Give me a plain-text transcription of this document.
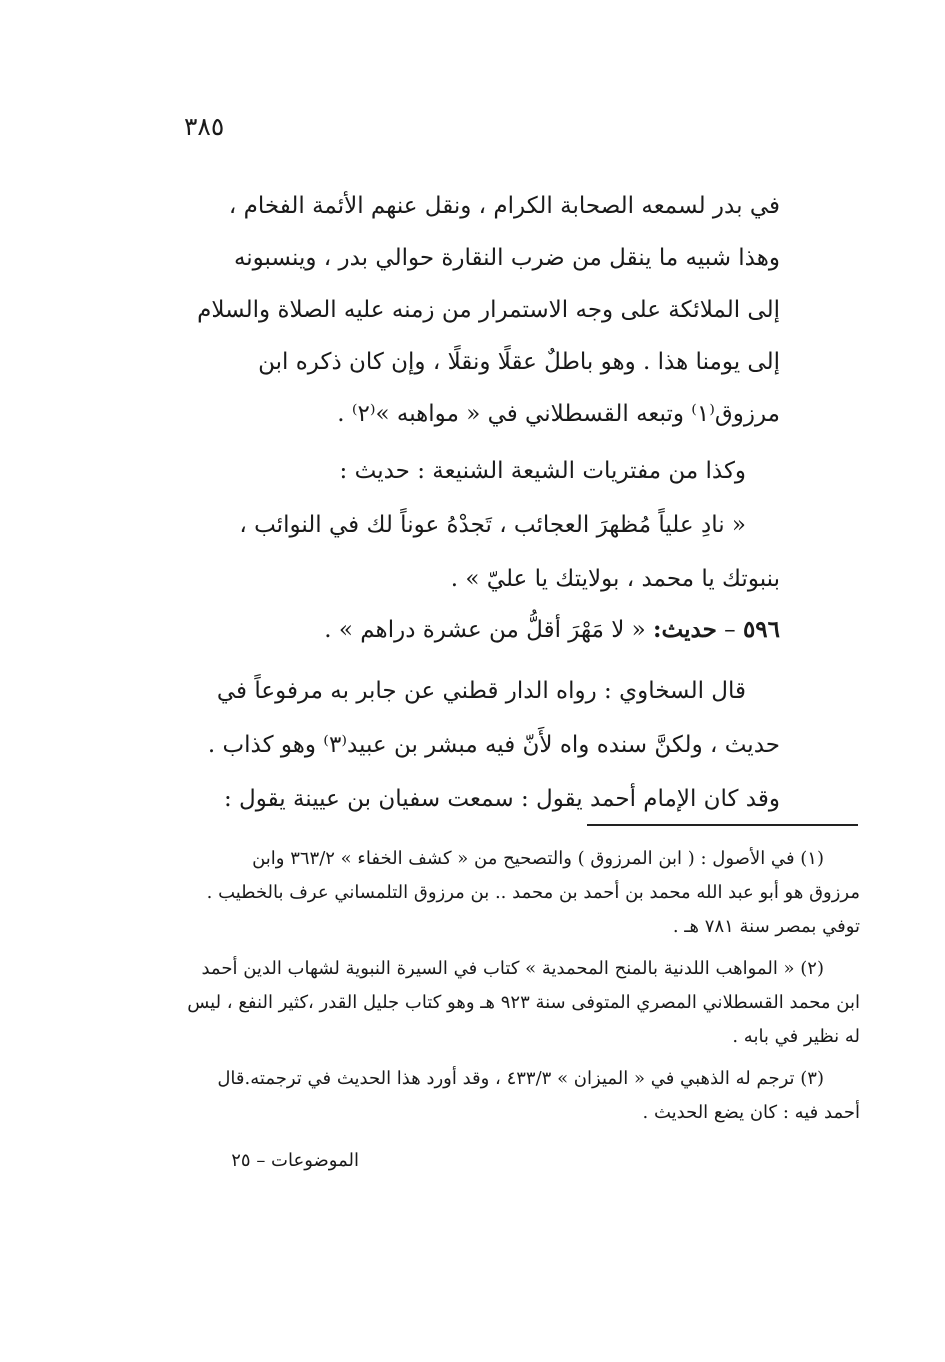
٣٨٥
في بدر لسمعه الصحابة الكرام ، ونقل عنهم الأئمة الفخام ،
وهذا شبيه ما ينقل من ضرب النقارة حوالي بدر ، وينسبونه
إلى الملائكة على وجه الاستمرار من زمنه عليه الصلاة والسلام
إلى يومنا هذا . وهو باطلٌ عقلًا ونقلًا ، وإن كان ذكره ابن
مرزوق⁽١⁾ وتبعه القسطلاني في « مواهبه »⁽٢⁾ .
وكذا من مفتريات الشيعة الشنيعة : حديث :
« نادِ علياً مُظهرَ العجائب ، تَجدْهُ عوناً لك في النوائب ،
بنبوتك يا محمد ، بولايتك يا عليّ » .
٥٩٦ – حديث: « لا مَهْرَ أقلُّ من عشرة دراهم » .
قال السخاوي : رواه الدار قطني عن جابر به مرفوعاً في
حديث ، ولكنَّ سنده واه لأَنّ فيه مبشر بن عبيد⁽٣⁾ وهو كذاب .
وقد كان الإمام أحمد يقول : سمعت سفيان بن عيينة يقول :
(١) في الأصول : ( ابن المرزوق ) والتصحيح من « كشف الخفاء » ٣٦٣/٢ وابن
مرزوق هو أبو عبد الله محمد بن أحمد بن محمد .. بن مرزوق التلمساني عرف بالخطيب .
توفي بمصر سنة ٧٨١ هـ .
(٢) « المواهب اللدنية بالمنح المحمدية » كتاب في السيرة النبوية لشهاب الدين أحمد
ابن محمد القسطلاني المصري المتوفى سنة ٩٢٣ هـ وهو كتاب جليل القدر ،كثير النفع ، ليس
له نظير في بابه .
(٣) ترجم له الذهبي في « الميزان » ٤٣٣/٣ ، وقد أورد هذا الحديث في ترجمته.قال
أحمد فيه : كان يضع الحديث .
الموضوعات – ٢٥
